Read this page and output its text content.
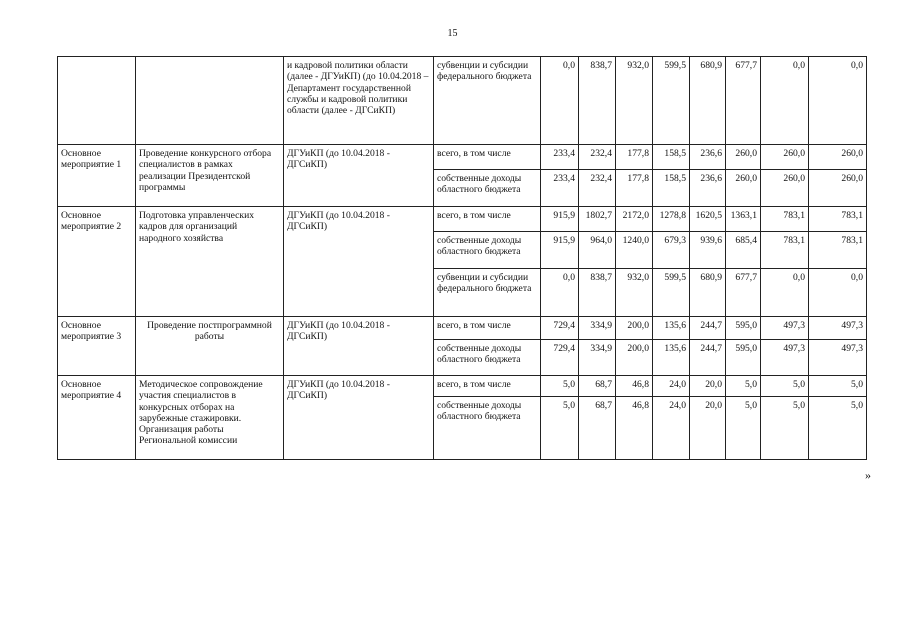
15
		и кадровой политики области (далее - ДГУиКП) (до 10.04.2018 – Департамент государственной службы и кадровой политики области (далее - ДГСиКП)	субвенции и субсидии федерального бюджета	0,0	838,7	932,0	599,5	680,9	677,7	0,0	0,0
Основное мероприятие 1	Проведение конкурсного отбора специалистов в рамках реализации Президентской программы	ДГУиКП (до 10.04.2018 - ДГСиКП)	всего, в том числе	233,4	232,4	177,8	158,5	236,6	260,0	260,0	260,0
			собственные доходы областного бюджета	233,4	232,4	177,8	158,5	236,6	260,0	260,0	260,0
Основное мероприятие 2	Подготовка управленческих кадров для организаций народного хозяйства	ДГУиКП (до 10.04.2018 - ДГСиКП)	всего, в том числе	915,9	1802,7	2172,0	1278,8	1620,5	1363,1	783,1	783,1
			собственные доходы областного бюджета	915,9	964,0	1240,0	679,3	939,6	685,4	783,1	783,1
			субвенции и субсидии федерального бюджета	0,0	838,7	932,0	599,5	680,9	677,7	0,0	0,0
Основное мероприятие 3	Проведение постпрограммной работы	ДГУиКП (до 10.04.2018 - ДГСиКП)	всего, в том числе	729,4	334,9	200,0	135,6	244,7	595,0	497,3	497,3
			собственные доходы областного бюджета	729,4	334,9	200,0	135,6	244,7	595,0	497,3	497,3
Основное мероприятие 4	Методическое сопровождение участия специалистов в конкурсных отборах на зарубежные стажировки. Организация работы Региональной комиссии	ДГУиКП (до 10.04.2018 - ДГСиКП)	всего, в том числе	5,0	68,7	46,8	24,0	20,0	5,0	5,0	5,0
			собственные доходы областного бюджета	5,0	68,7	46,8	24,0	20,0	5,0	5,0	5,0
»
